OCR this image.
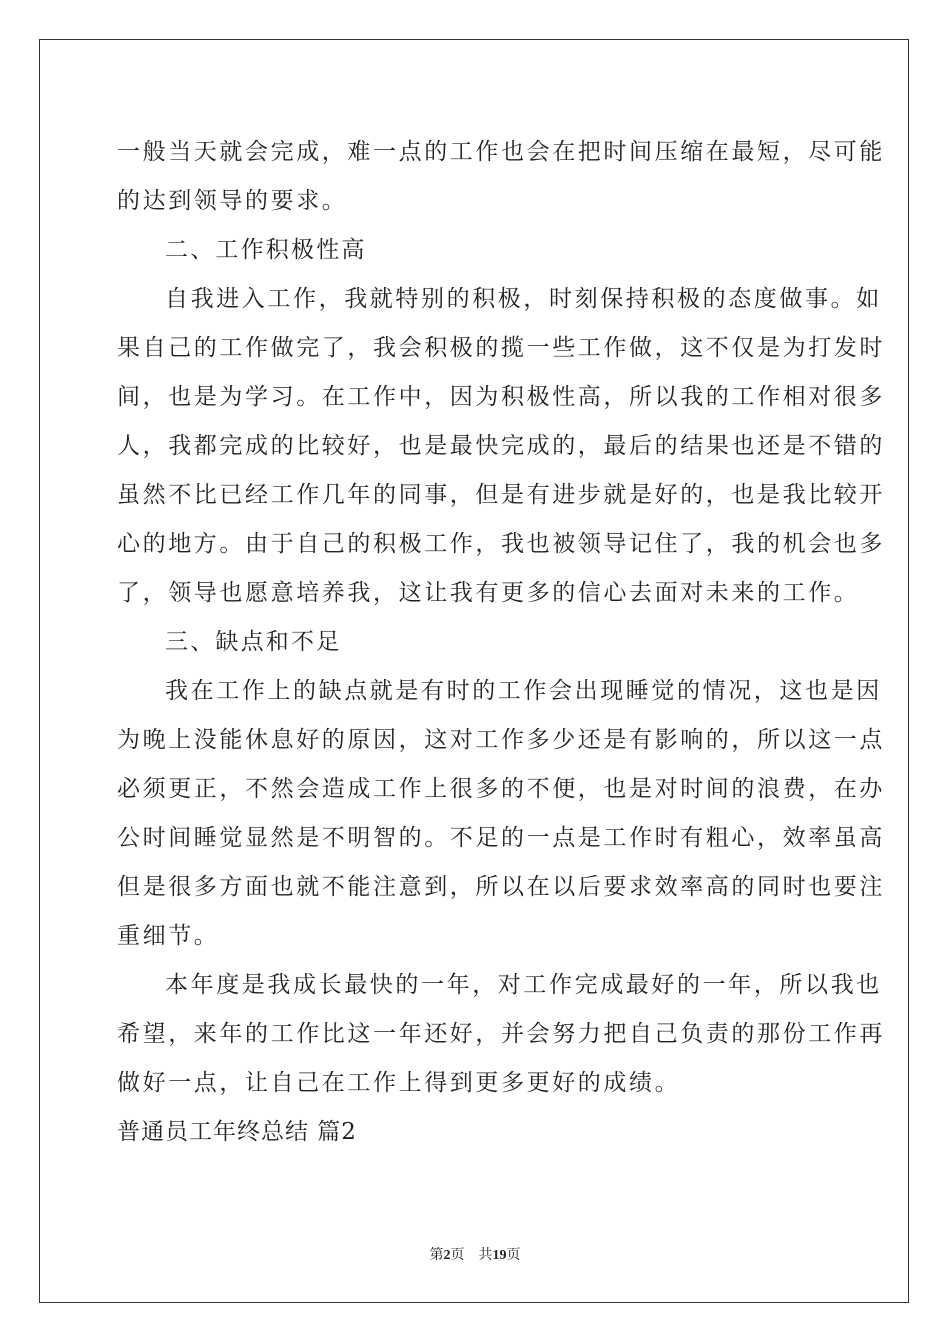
一般当天就会完成，难一点的工作也会在把时间压缩在最短，尽可能
的达到领导的要求。
二、工作积极性高
自我进入工作，我就特别的积极，时刻保持积极的态度做事。如
果自己的工作做完了，我会积极的揽一些工作做，这不仅是为打发时
间，也是为学习。在工作中，因为积极性高，所以我的工作相对很多
人，我都完成的比较好，也是最快完成的，最后的结果也还是不错的
虽然不比已经工作几年的同事，但是有进步就是好的，也是我比较开
心的地方。由于自己的积极工作，我也被领导记住了，我的机会也多
了，领导也愿意培养我，这让我有更多的信心去面对未来的工作。
三、缺点和不足
我在工作上的缺点就是有时的工作会出现睡觉的情况，这也是因
为晚上没能休息好的原因，这对工作多少还是有影响的，所以这一点
必须更正，不然会造成工作上很多的不便，也是对时间的浪费，在办
公时间睡觉显然是不明智的。不足的一点是工作时有粗心，效率虽高
但是很多方面也就不能注意到，所以在以后要求效率高的同时也要注
重细节。
本年度是我成长最快的一年，对工作完成最好的一年，所以我也
希望，来年的工作比这一年还好，并会努力把自己负责的那份工作再
做好一点，让自己在工作上得到更多更好的成绩。
普通员工年终总结 篇2
第2页 共19页
